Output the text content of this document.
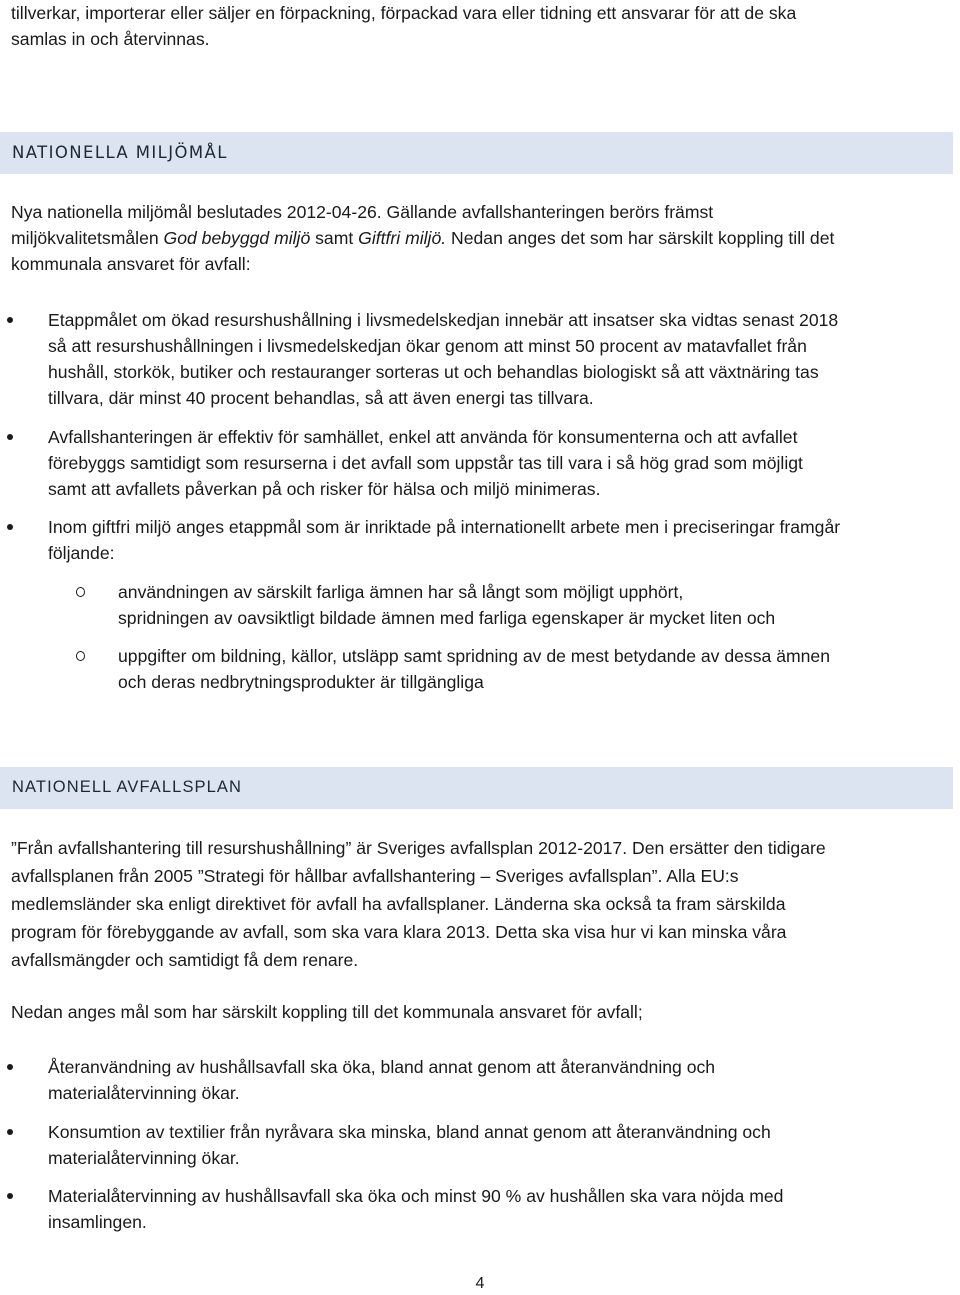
tillverkar, importerar eller säljer en förpackning, förpackad vara eller tidning ett ansvarar för att de ska
samlas in och återvinnas.
NATIONELLA MILJÖMÅL
Nya nationella miljömål beslutades 2012-04-26. Gällande avfallshanteringen berörs främst
miljökvalitetsmålen God bebyggd miljö samt Giftfri miljö. Nedan anges det som har särskilt koppling till det
kommunala ansvaret för avfall:
Etappmålet om ökad resurshushållning i livsmedelskedjan innebär att insatser ska vidtas senast 2018
så att resurshushållningen i livsmedelskedjan ökar genom att minst 50 procent av matavfallet från
hushåll, storkök, butiker och restauranger sorteras ut och behandlas biologiskt så att växtnäring tas
tillvara, där minst 40 procent behandlas, så att även energi tas tillvara.
Avfallshanteringen är effektiv för samhället, enkel att använda för konsumenterna och att avfallet
förebyggs samtidigt som resurserna i det avfall som uppstår tas till vara i så hög grad som möjligt
samt att avfallets påverkan på och risker för hälsa och miljö minimeras.
Inom giftfri miljö anges etappmål som är inriktade på internationellt arbete men i preciseringar framgår
följande:
användningen av särskilt farliga ämnen har så långt som möjligt upphört,
spridningen av oavsiktligt bildade ämnen med farliga egenskaper är mycket liten och
uppgifter om bildning, källor, utsläpp samt spridning av de mest betydande av dessa ämnen
och deras nedbrytningsprodukter är tillgängliga
NATIONELL AVFALLSPLAN
”Från avfallshantering till resurshushållning” är Sveriges avfallsplan 2012-2017. Den ersätter den tidigare
avfallsplanen från 2005 ”Strategi för hållbar avfallshantering – Sveriges avfallsplan”. Alla EU:s
medlemsländer ska enligt direktivet för avfall ha avfallsplaner. Länderna ska också ta fram särskilda
program för förebyggande av avfall, som ska vara klara 2013. Detta ska visa hur vi kan minska våra
avfallsmängder och samtidigt få dem renare.
Nedan anges mål som har särskilt koppling till det kommunala ansvaret för avfall;
Återanvändning av hushållsavfall ska öka, bland annat genom att återanvändning och
materialåtervinning ökar.
Konsumtion av textilier från nyråvara ska minska, bland annat genom att återanvändning och
materialåtervinning ökar.
Materialåtervinning av hushållsavfall ska öka och minst 90 % av hushållen ska vara nöjda med
insamlingen.
4
